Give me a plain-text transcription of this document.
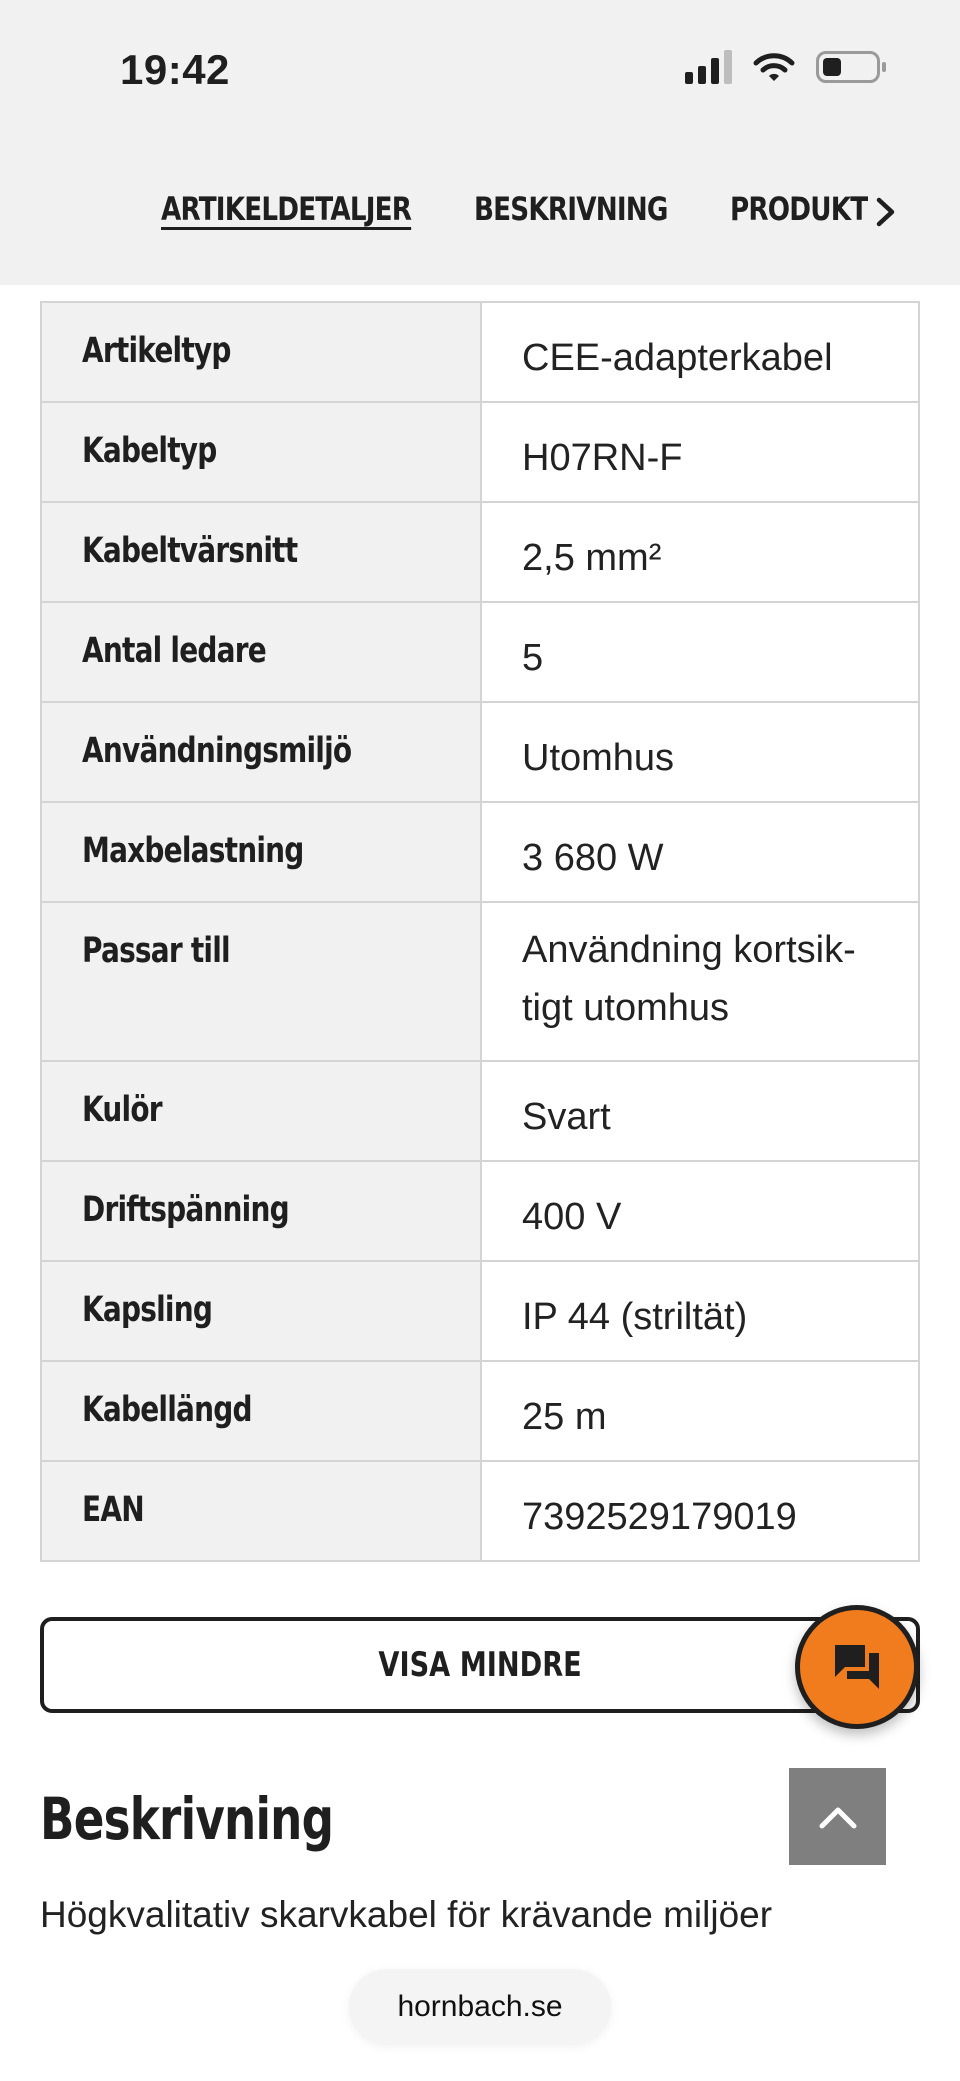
19:42
ARTIKELDETALJER BESKRIVNING PRODUKT
Artikeltyp	CEE-adapterkabel
Kabeltyp	H07RN-F
Kabeltvärsnitt	2,5 mm²
Antal ledare	5
Användningsmiljö	Utomhus
Maxbelastning	3 680 W
Passar till	Användning kortsik-
tigt utomhus

Kulör	Svart
Driftspänning	400 V
Kapsling	IP 44 (striltät)
Kabellängd	25 m
EAN	7392529179019
VISA MINDRE
Beskrivning
Högkvalitativ skarvkabel för krävande miljöer
hornbach.se
